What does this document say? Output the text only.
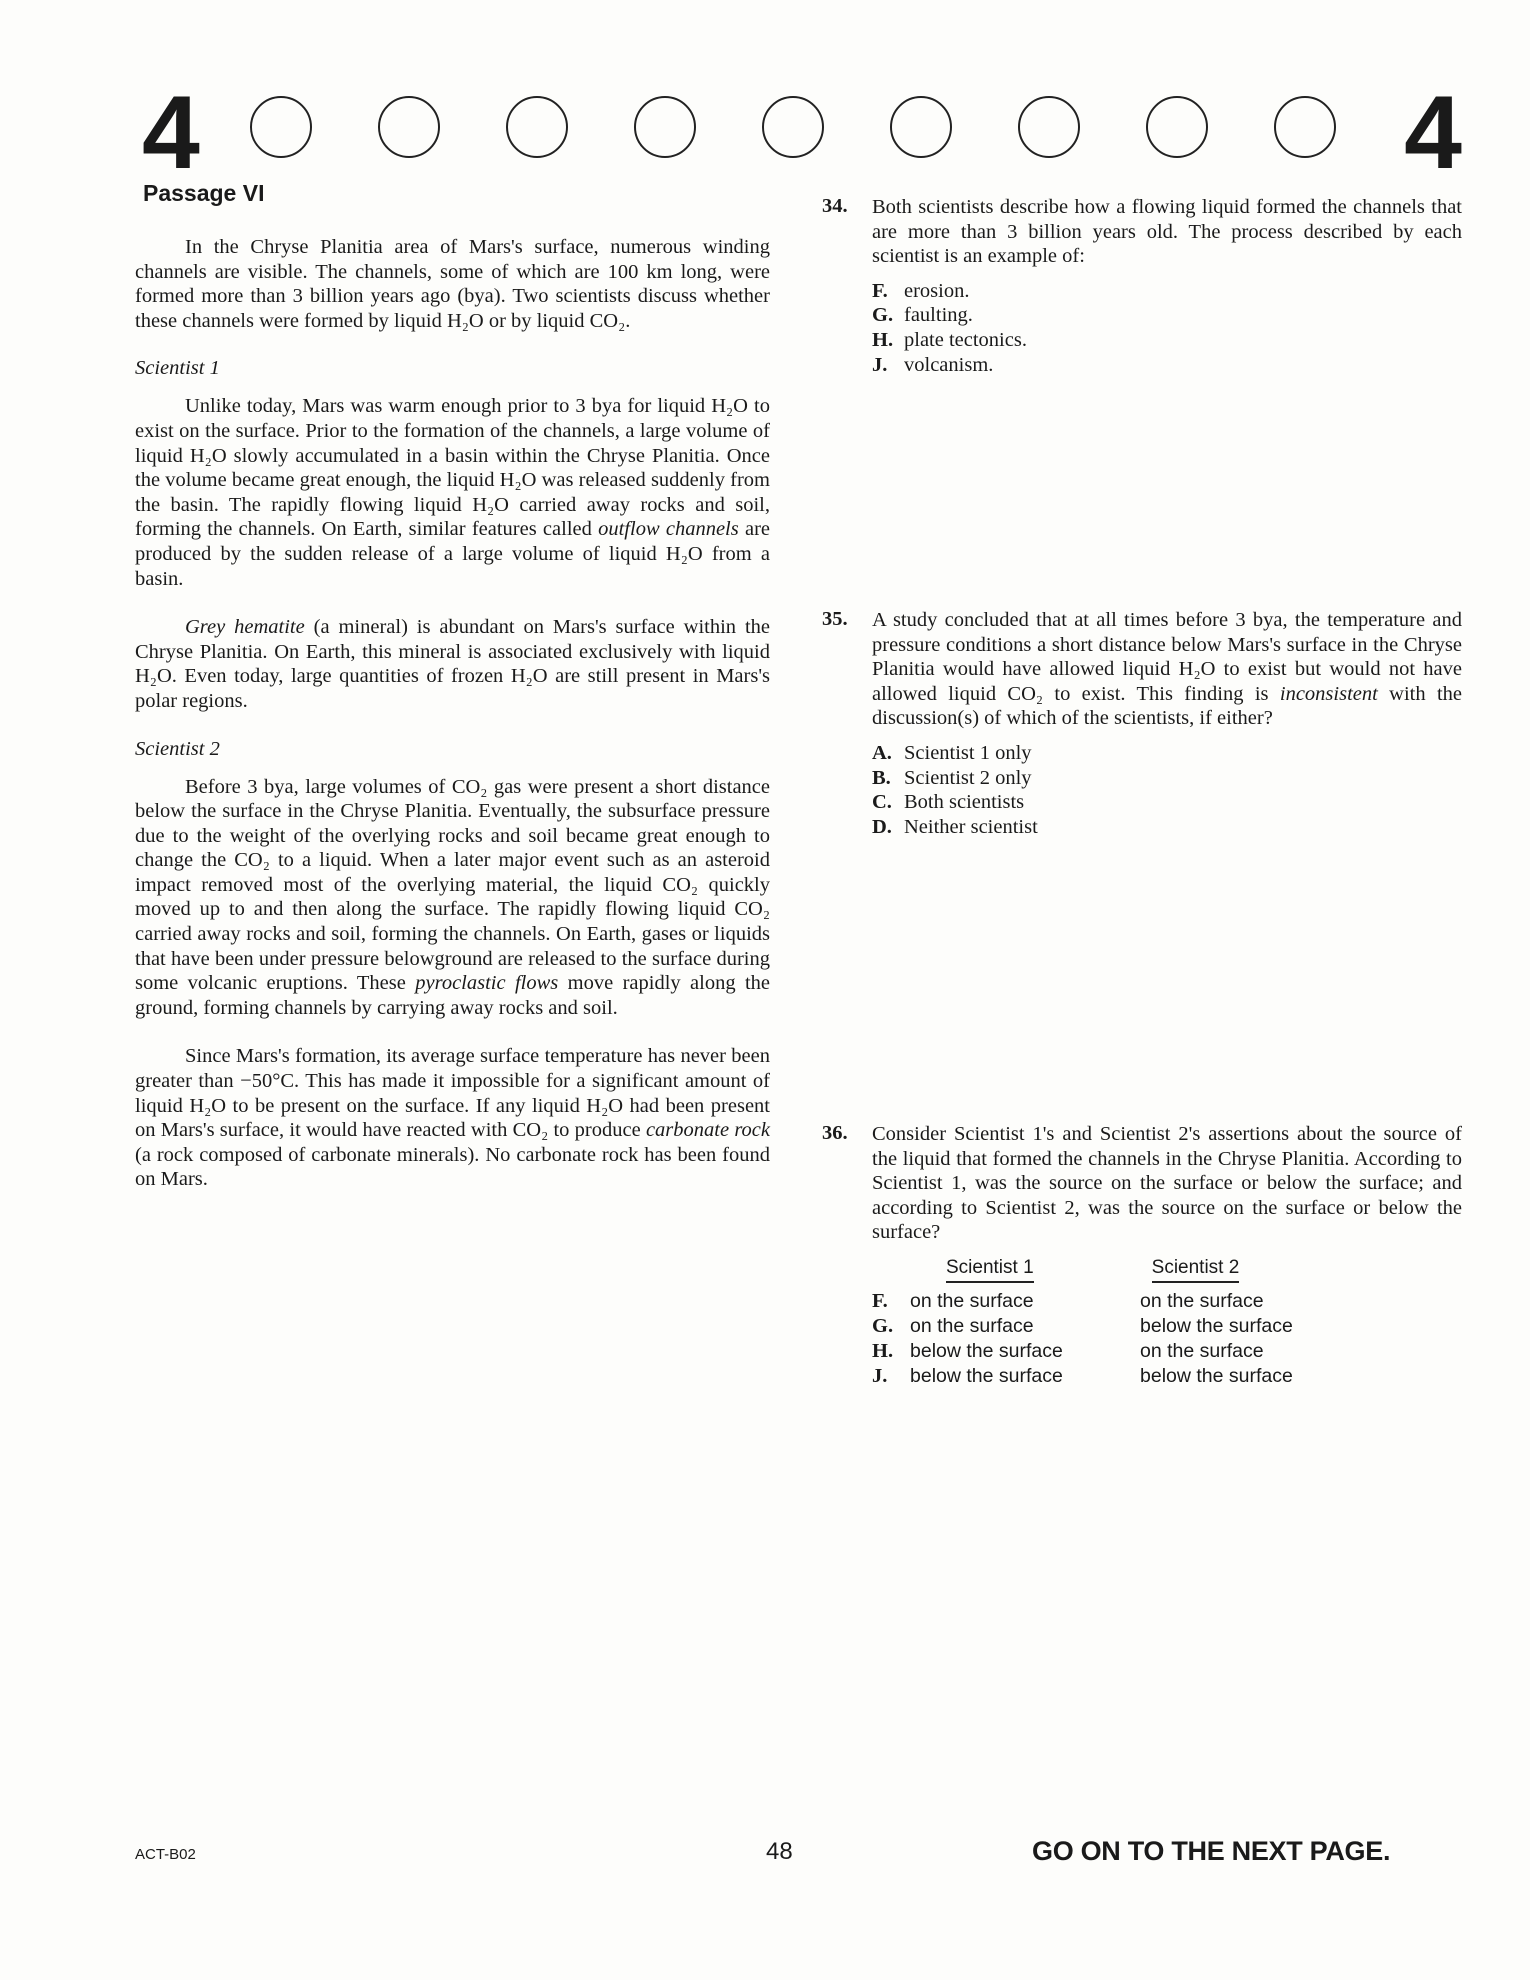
4	4
Passage VI

In the Chryse Planitia area of Mars's surface, numerous winding channels are visible. The channels, some of which are 100 km long, were formed more than 3 billion years ago (bya). Two scientists discuss whether these channels were formed by liquid H₂O or by liquid CO₂.

Scientist 1

Unlike today, Mars was warm enough prior to 3 bya for liquid H₂O to exist on the surface. Prior to the formation of the channels, a large volume of liquid H₂O slowly accumulated in a basin within the Chryse Planitia. Once the volume became great enough, the liquid H₂O was released suddenly from the basin. The rapidly flowing liquid H₂O carried away rocks and soil, forming the channels. On Earth, similar features called outflow channels are produced by the sudden release of a large volume of liquid H₂O from a basin.

Grey hematite (a mineral) is abundant on Mars's surface within the Chryse Planitia. On Earth, this mineral is associated exclusively with liquid H₂O. Even today, large quantities of frozen H₂O are still present in Mars's polar regions.

Scientist 2

Before 3 bya, large volumes of CO₂ gas were present a short distance below the surface in the Chryse Planitia. Eventually, the subsurface pressure due to the weight of the overlying rocks and soil became great enough to change the CO₂ to a liquid. When a later major event such as an asteroid impact removed most of the overlying material, the liquid CO₂ quickly moved up to and then along the surface. The rapidly flowing liquid CO₂ carried away rocks and soil, forming the channels. On Earth, gases or liquids that have been under pressure belowground are released to the surface during some volcanic eruptions. These pyroclastic flows move rapidly along the ground, forming channels by carrying away rocks and soil.

Since Mars's formation, its average surface temperature has never been greater than −50°C. This has made it impossible for a significant amount of liquid H₂O to be present on the surface. If any liquid H₂O had been present on Mars's surface, it would have reacted with CO₂ to produce carbonate rock (a rock composed of carbonate minerals). No carbonate rock has been found on Mars.

34. Both scientists describe how a flowing liquid formed the channels that are more than 3 billion years old. The process described by each scientist is an example of:

F. erosion.
G. faulting.
H. plate tectonics.
J. volcanism.
35. A study concluded that at all times before 3 bya, the temperature and pressure conditions a short distance below Mars's surface in the Chryse Planitia would have allowed liquid H₂O to exist but would not have allowed liquid CO₂ to exist. This finding is inconsistent with the discussion(s) of which of the scientists, if either?

A. Scientist 1 only
B. Scientist 2 only
C. Both scientists
D. Neither scientist
36. Consider Scientist 1's and Scientist 2's assertions about the source of the liquid that formed the channels in the Chryse Planitia. According to Scientist 1, was the source on the surface or below the surface; and according to Scientist 2, was the source on the surface or below the surface?

Scientist 1	Scientist 2
F.	on the surface	on the surface
G. on the surface	below the surface
H. below the surface	on the surface
J.	below the surface	below the surface
ACT-B02	48	GO ON TO THE NEXT PAGE.
